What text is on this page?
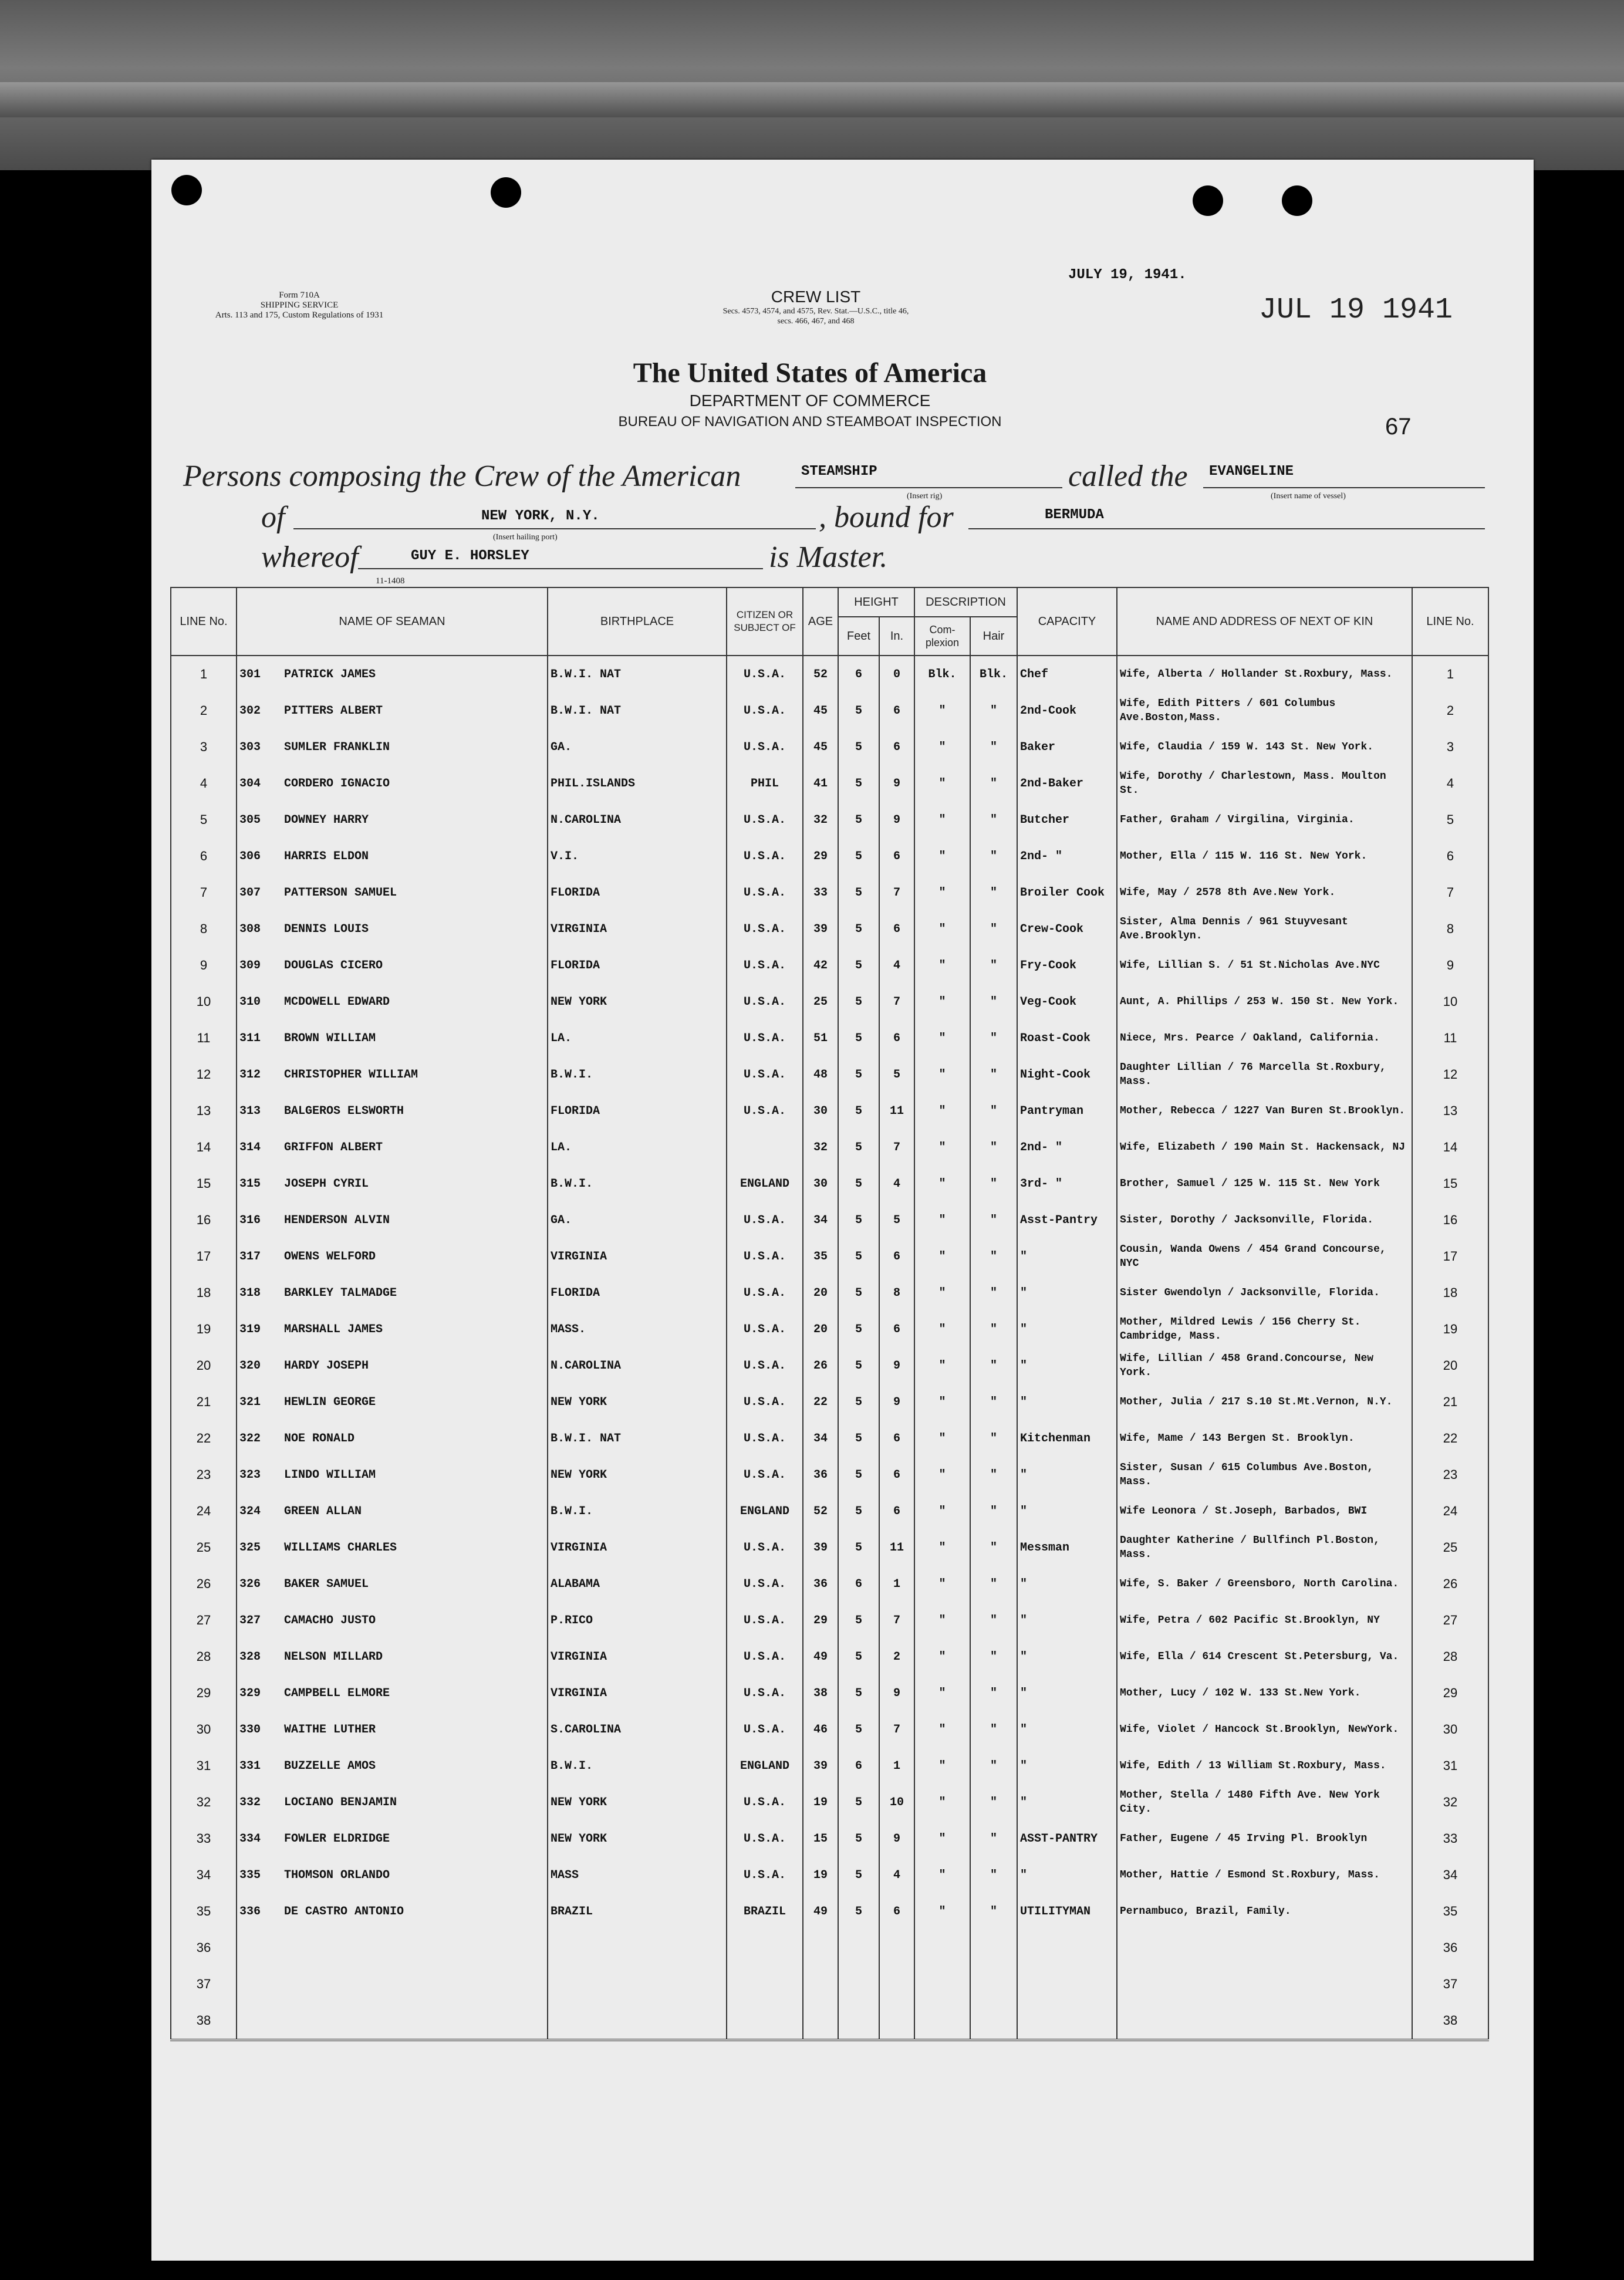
Form 710A
SHIPPING SERVICE
Arts. 113 and 175, Custom Regulations of 1931
CREW LIST
Secs. 4573, 4574, and 4575, Rev. Stat.—U.S.C., title 46,
secs. 466, 467, and 468
JULY 19, 1941.
JUL 19 1941
The United States of America
DEPARTMENT OF COMMERCE
BUREAU OF NAVIGATION AND STEAMBOAT INSPECTION	67
Persons composing the Crew of the American	STEAMSHIP
(Insert rig)
called the EVANGELINE
(Insert name of vessel)
of	NEW YORK, N.Y.
(Insert hailing port)
, bound for	BERMUDA
whereof	GUY E. HORSLEY	is Master.
11-1408
LINE No.	NAME OF SEAMAN	BIRTHPLACE	CITIZEN OR SUBJECT OF	AGE	HEIGHT		DESCRIPTION		CAPACITY	NAME AND ADDRESS OF NEXT OF KIN	LINE No.
					Feet	In.	Com-plexion	Hair			
1	301 PATRICK JAMES	B.W.I. NAT	U.S.A.	52	6	0	Blk.	Blk.	Chef	Wife, Alberta / Hollander St.Roxbury, Mass.	1
2	302 PITTERS ALBERT	B.W.I. NAT	U.S.A.	45	5	6	"	"	2nd-Cook	Wife, Edith Pitters / 601 Columbus Ave.Boston,Mass.	2
3	303 SUMLER FRANKLIN	GA.	U.S.A.	45	5	6	"	"	Baker	Wife, Claudia / 159 W. 143 St. New York.	3
4	304 CORDERO IGNACIO	PHIL.ISLANDS	PHIL	41	5	9	"	"	2nd-Baker	Wife, Dorothy / Charlestown, Mass. Moulton St.	4
5	305 DOWNEY HARRY	N.CAROLINA	U.S.A.	32	5	9	"	"	Butcher	Father, Graham / Virgilina, Virginia.	5
6	306 HARRIS ELDON	V.I.	U.S.A.	29	5	6	"	"	2nd- "	Mother, Ella / 115 W. 116 St. New York.	6
7	307 PATTERSON SAMUEL	FLORIDA	U.S.A.	33	5	7	"	"	Broiler Cook	Wife, May / 2578 8th Ave.New York.	7
8	308 DENNIS LOUIS	VIRGINIA	U.S.A.	39	5	6	"	"	Crew-Cook	Sister, Alma Dennis / 961 Stuyvesant Ave.Brooklyn.	8
9	309 DOUGLAS CICERO	FLORIDA	U.S.A.	42	5	4	"	"	Fry-Cook	Wife, Lillian S. / 51 St.Nicholas Ave.NYC	9
10	310 MCDOWELL EDWARD	NEW YORK	U.S.A.	25	5	7	"	"	Veg-Cook	Aunt, A. Phillips / 253 W. 150 St. New York.	10
11	311 BROWN WILLIAM	LA.	U.S.A.	51	5	6	"	"	Roast-Cook	Niece, Mrs. Pearce / Oakland, California.	11
12	312 CHRISTOPHER WILLIAM	B.W.I.	U.S.A.	48	5	5	"	"	Night-Cook	Daughter Lillian / 76 Marcella St.Roxbury, Mass.	12
13	313 BALGEROS ELSWORTH	FLORIDA	U.S.A.	30	5	11	"	"	Pantryman	Mother, Rebecca / 1227 Van Buren St.Brooklyn.	13
14	314 GRIFFON ALBERT	LA.		32	5	7	"	"	2nd- "	Wife, Elizabeth / 190 Main St. Hackensack, NJ	14
15	315 JOSEPH CYRIL	B.W.I.	ENGLAND	30	5	4	"	"	3rd- "	Brother, Samuel / 125 W. 115 St. New York	15
16	316 HENDERSON ALVIN	GA.	U.S.A.	34	5	5	"	"	Asst-Pantry	Sister, Dorothy / Jacksonville, Florida.	16
17	317 OWENS WELFORD	VIRGINIA	U.S.A.	35	5	6	"	"	"	Cousin, Wanda Owens / 454 Grand Concourse, NYC	17
18	318 BARKLEY TALMADGE	FLORIDA	U.S.A.	20	5	8	"	"	"	Sister Gwendolyn / Jacksonville, Florida.	18
19	319 MARSHALL JAMES	MASS.	U.S.A.	20	5	6	"	"	"	Mother, Mildred Lewis / 156 Cherry St. Cambridge, Mass.	19
20	320 HARDY JOSEPH	N.CAROLINA	U.S.A.	26	5	9	"	"	"	Wife, Lillian / 458 Grand.Concourse, New York.	20
21	321 HEWLIN GEORGE	NEW YORK	U.S.A.	22	5	9	"	"	"	Mother, Julia / 217 S.10 St.Mt.Vernon, N.Y.	21
22	322 NOE RONALD	B.W.I. NAT	U.S.A.	34	5	6	"	"	Kitchenman	Wife, Mame / 143 Bergen St. Brooklyn.	22
23	323 LINDO WILLIAM	NEW YORK	U.S.A.	36	5	6	"	"	"	Sister, Susan / 615 Columbus Ave.Boston, Mass.	23
24	324 GREEN ALLAN	B.W.I.	ENGLAND	52	5	6	"	"	"	Wife Leonora / St.Joseph, Barbados, BWI	24
25	325 WILLIAMS CHARLES	VIRGINIA	U.S.A.	39	5	11	"	"	Messman	Daughter Katherine / Bullfinch Pl.Boston, Mass.	25
26	326 BAKER SAMUEL	ALABAMA	U.S.A.	36	6	1	"	"	"	Wife, S. Baker / Greensboro, North Carolina.	26
27	327 CAMACHO JUSTO	P.RICO	U.S.A.	29	5	7	"	"	"	Wife, Petra / 602 Pacific St.Brooklyn, NY	27
28	328 NELSON MILLARD	VIRGINIA	U.S.A.	49	5	2	"	"	"	Wife, Ella / 614 Crescent St.Petersburg, Va.	28
29	329 CAMPBELL ELMORE	VIRGINIA	U.S.A.	38	5	9	"	"	"	Mother, Lucy / 102 W. 133 St.New York.	29
30	330 WAITHE LUTHER	S.CAROLINA	U.S.A.	46	5	7	"	"	"	Wife, Violet / Hancock St.Brooklyn, NewYork.	30
31	331 BUZZELLE AMOS	B.W.I.	ENGLAND	39	6	1	"	"	"	Wife, Edith / 13 William St.Roxbury, Mass.	31
32	332 LOCIANO BENJAMIN	NEW YORK	U.S.A.	19	5	10	"	"	"	Mother, Stella / 1480 Fifth Ave. New York City.	32
33	334 FOWLER ELDRIDGE	NEW YORK	U.S.A.	15	5	9	"	"	ASST-PANTRY	Father, Eugene / 45 Irving Pl. Brooklyn	33
34	335 THOMSON ORLANDO	MASS	U.S.A.	19	5	4	"	"	"	Mother, Hattie / Esmond St.Roxbury, Mass.	34
35	336 DE CASTRO ANTONIO	BRAZIL	BRAZIL	49	5	6	"	"	UTILITYMAN	Pernambuco, Brazil, Family.	35
36											36
37											37
38											38
